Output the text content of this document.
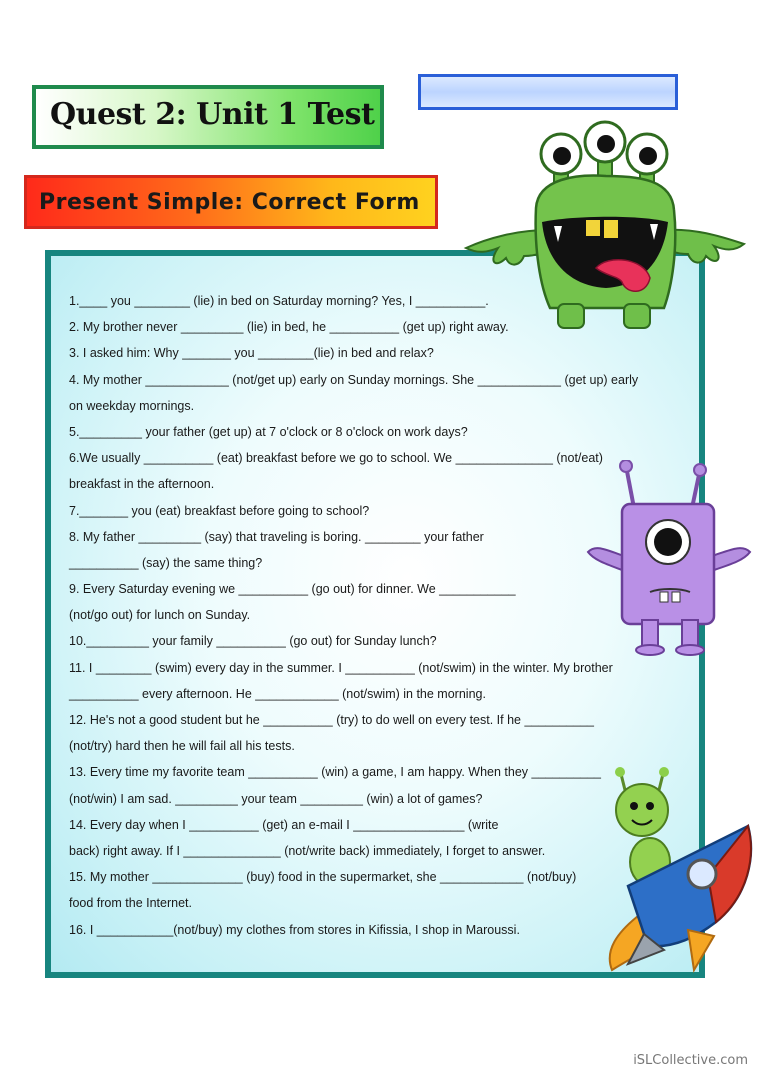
Quest 2: Unit 1 Test
Present Simple: Correct Form
1.____ you ________ (lie) in bed on Saturday morning? Yes, I __________.
2. My brother never _________ (lie) in bed, he __________ (get up) right away.
3. I asked him: Why _______ you ________(lie) in bed and relax?
4. My mother ____________ (not/get up) early on Sunday mornings. She ____________ (get up) early
on weekday mornings.
5._________ your father (get up) at 7 o'clock or 8 o'clock on work days?
6.We usually __________ (eat) breakfast before we go to school. We ______________ (not/eat)
breakfast in the afternoon.
7._______ you (eat) breakfast before going to school?
8. My father _________ (say) that traveling is boring. ________ your father
__________ (say) the same thing?
9. Every Saturday evening we __________ (go out) for dinner. We ___________
(not/go out) for lunch on Sunday.
10._________ your family __________ (go out) for Sunday lunch?
11. I ________ (swim) every day in the summer. I __________ (not/swim) in the winter. My brother
__________ every afternoon. He ____________ (not/swim) in the morning.
12. He's not a good student but he __________ (try) to do well on every test. If he __________
(not/try) hard then he will fail all his tests.
13. Every time my favorite team __________ (win) a game, I am happy. When they __________
(not/win) I am sad. _________ your team _________ (win) a lot of games?
14. Every day when I __________ (get) an e-mail I ________________ (write
back) right away. If I ______________ (not/write back) immediately, I forget to answer.
15. My mother _____________ (buy) food in the supermarket, she ____________ (not/buy)
food from the Internet.
16. I ___________(not/buy) my clothes from stores in Kifissia, I shop in Maroussi.
iSLCollective.com
